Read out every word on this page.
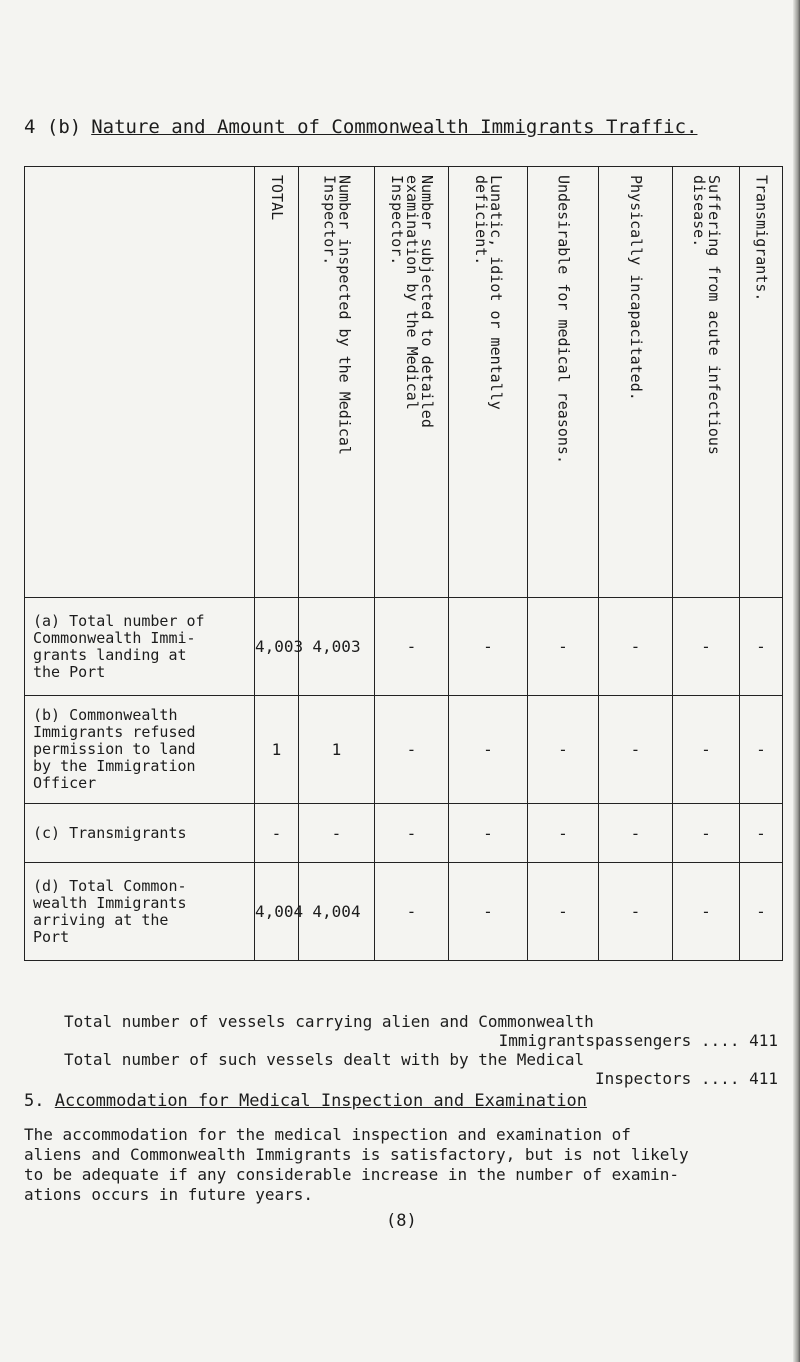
4 (b) Nature and Amount of Commonwealth Immigrants Traffic.

	TOTAL	Number inspected by the Medical
Inspector.	Number subjected to detailed
examination by the Medical
Inspector.	Lunatic, idiot or mentally
deficient.	Undesirable for medical reasons.	Physically incapacitated.	Suffering from acute infectious
disease.	Transmigrants.

(a) Total number of
Commonwealth Immi-
grants landing at
the Port	4,003	4,003	-	-	-	-	-	-
(b) Commonwealth
Immigrants refused
permission to land
by the Immigration
Officer	1	1	-	-	-	-	-	-
(c) Transmigrants	-	-	-	-	-	-	-	-
(d) Total Common-
wealth Immigrants
arriving at the
Port	4,004	4,004	-	-	-	-	-	-
Total number of vessels carrying alien and Commonwealth
Immigrantspassengers .... 411
Total number of such vessels dealt with by the Medical
Inspectors .... 411
5. Accommodation for Medical Inspection and Examination
The accommodation for the medical inspection and examination of
aliens and Commonwealth Immigrants is satisfactory, but is not likely
to be adequate if any considerable increase in the number of examin-
ations occurs in future years.
(8)
